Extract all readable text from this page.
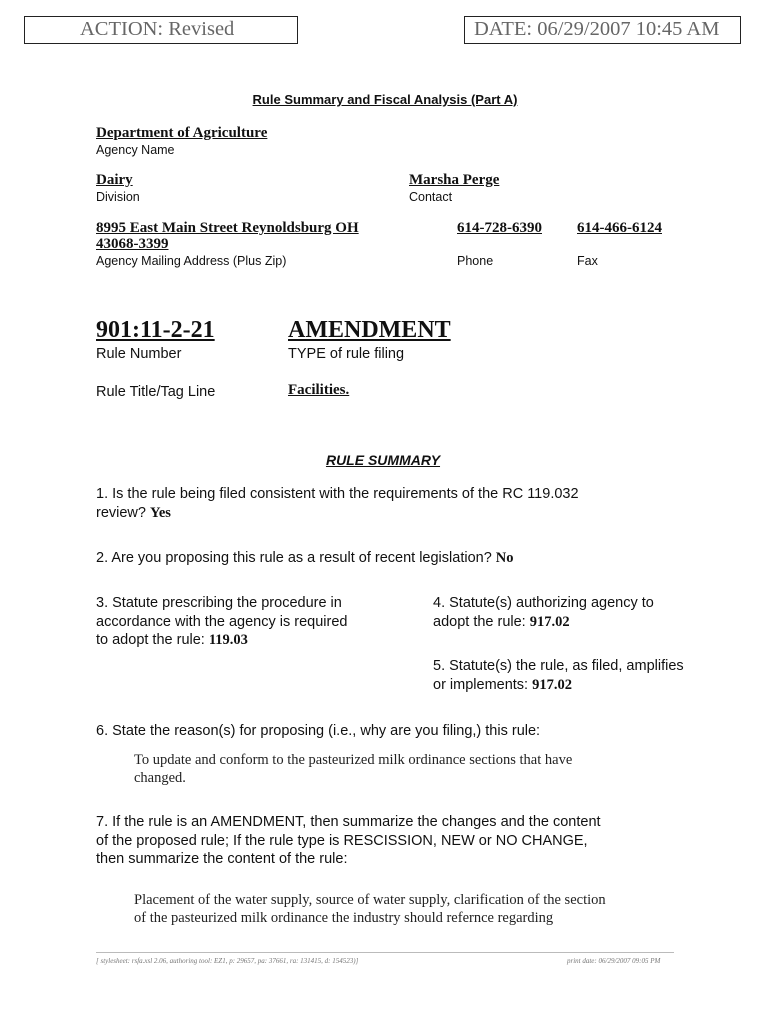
ACTION: Revised	DATE: 06/29/2007 10:45 AM
Rule Summary and Fiscal Analysis (Part A)
Department of Agriculture
Agency Name
Dairy
Division
Marsha Perge
Contact
8995 East Main Street Reynoldsburg OH
43068-3399
Agency Mailing Address (Plus Zip)
614-728-6390
Phone
614-466-6124
Fax
901:11-2-21
Rule Number
AMENDMENT
TYPE of rule filing
Rule Title/Tag Line	Facilities.
RULE SUMMARY
1. Is the rule being filed consistent with the requirements of the RC 119.032
review? Yes
2. Are you proposing this rule as a result of recent legislation? No
3. Statute prescribing the procedure in
accordance with the agency is required
to adopt the rule: 119.03
4. Statute(s) authorizing agency to
adopt the rule: 917.02
5. Statute(s) the rule, as filed, amplifies
or implements: 917.02
6. State the reason(s) for proposing (i.e., why are you filing,) this rule:
To update and conform to the pasteurized milk ordinance sections that have
changed.
7. If the rule is an AMENDMENT, then summarize the changes and the content
of the proposed rule; If the rule type is RESCISSION, NEW or NO CHANGE,
then summarize the content of the rule:
Placement of the water supply, source of water supply, clarification of the section
of the pasteurized milk ordinance the industry should refernce regarding
[ stylesheet: rsfa.xsl 2.06, authoring tool: EZ1, p: 29657, pa: 37661, ra: 131415, d: 154523)]	print date: 06/29/2007 09:05 PM
